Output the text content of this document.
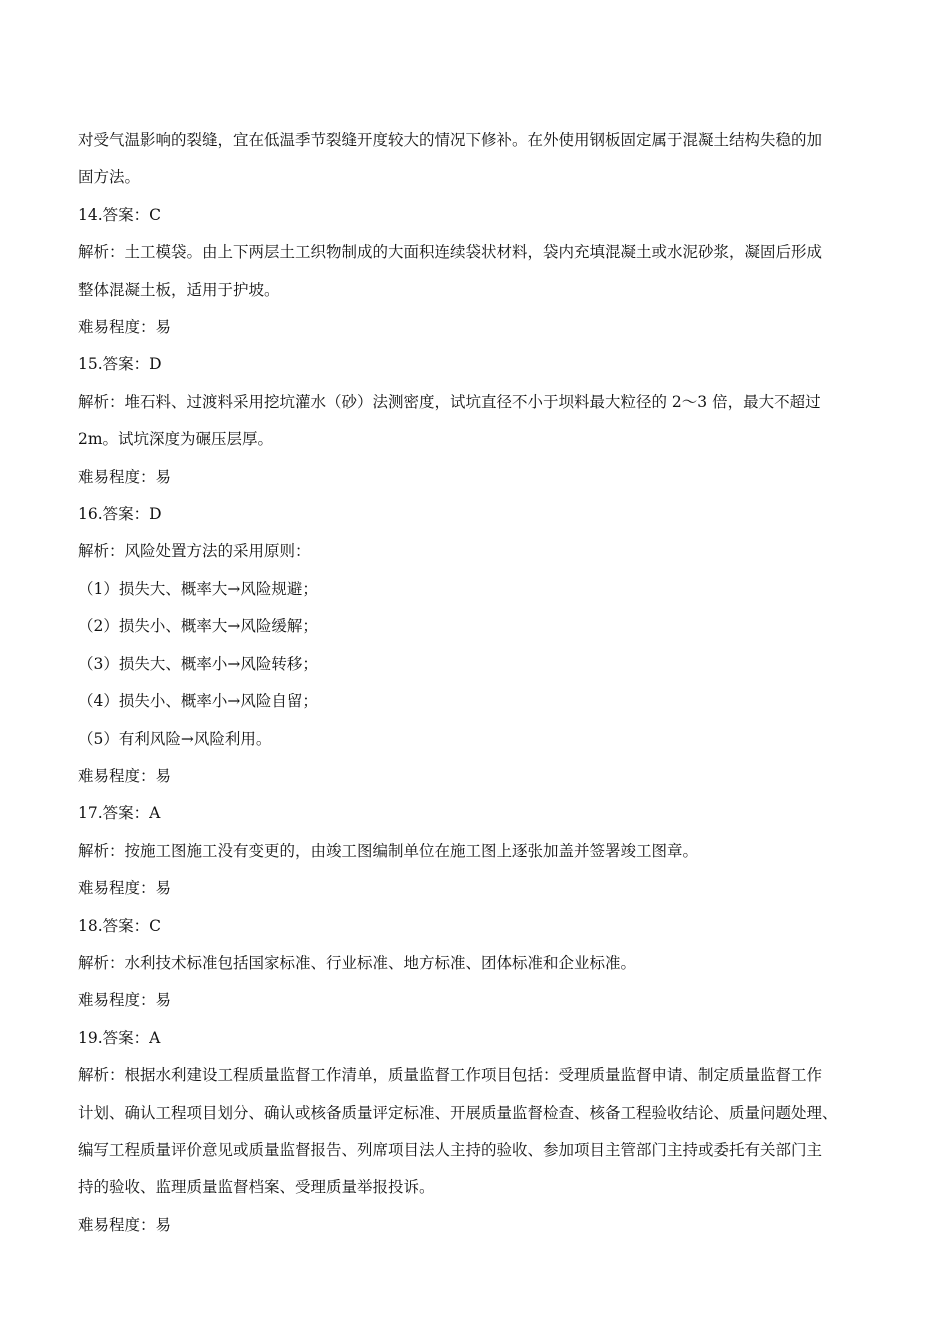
对受气温影响的裂缝，宜在低温季节裂缝开度较大的情况下修补。在外使用钢板固定属于混凝土结构失稳的加

固方法。

14.答案：C

解析：土工模袋。由上下两层土工织物制成的大面积连续袋状材料，袋内充填混凝土或水泥砂浆，凝固后形成

整体混凝土板，适用于护坡。

难易程度：易

15.答案：D

解析：堆石料、过渡料采用挖坑灌水（砂）法测密度，试坑直径不小于坝料最大粒径的 2～3 倍，最大不超过

2m。试坑深度为碾压层厚。

难易程度：易

16.答案：D

解析：风险处置方法的采用原则：

（1）损失大、概率大→风险规避；

（2）损失小、概率大→风险缓解；

（3）损失大、概率小→风险转移；

（4）损失小、概率小→风险自留；

（5）有利风险→风险利用。

难易程度：易

17.答案：A

解析：按施工图施工没有变更的，由竣工图编制单位在施工图上逐张加盖并签署竣工图章。

难易程度：易

18.答案：C

解析：水利技术标准包括国家标准、行业标准、地方标准、团体标准和企业标准。

难易程度：易

19.答案：A

解析：根据水利建设工程质量监督工作清单，质量监督工作项目包括：受理质量监督申请、制定质量监督工作

计划、确认工程项目划分、确认或核备质量评定标准、开展质量监督检查、核备工程验收结论、质量问题处理、

编写工程质量评价意见或质量监督报告、列席项目法人主持的验收、参加项目主管部门主持或委托有关部门主

持的验收、监理质量监督档案、受理质量举报投诉。

难易程度：易
